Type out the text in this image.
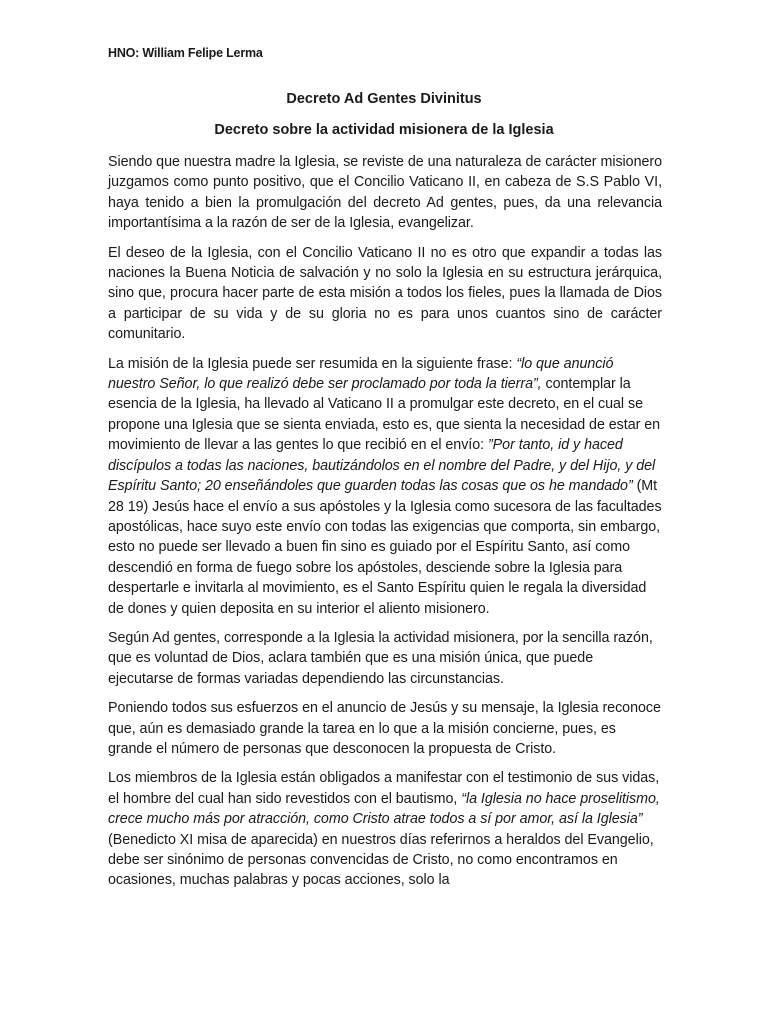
HNO: William Felipe Lerma
Decreto Ad Gentes Divinitus
Decreto sobre la actividad misionera de la Iglesia

Siendo que nuestra madre la Iglesia, se reviste de una naturaleza de carácter misionero juzgamos como punto positivo, que el Concilio Vaticano II, en cabeza de S.S Pablo VI, haya tenido a bien la promulgación del decreto Ad gentes, pues, da una relevancia importantísima a la razón de ser de la Iglesia, evangelizar.

El deseo de la Iglesia, con el Concilio Vaticano II no es otro que expandir a todas las naciones la Buena Noticia de salvación y no solo la Iglesia en su estructura jerárquica, sino que, procura hacer parte de esta misión a todos los fieles, pues la llamada de Dios a participar de su vida y de su gloria no es para unos cuantos sino de carácter comunitario.

La misión de la Iglesia puede ser resumida en la siguiente frase: “lo que anunció nuestro Señor, lo que realizó debe ser proclamado por toda la tierra”, contemplar la esencia de la Iglesia, ha llevado al Vaticano II a promulgar este decreto, en el cual se propone una Iglesia que se sienta enviada, esto es, que sienta la necesidad de estar en movimiento de llevar a las gentes lo que recibió en el envío: ”Por tanto, id y haced discípulos a todas las naciones, bautizándolos en el nombre del Padre, y del Hijo, y del Espíritu Santo; 20 enseñándoles que guarden todas las cosas que os he mandado” (Mt 28 19) Jesús hace el envío a sus apóstoles y la Iglesia como sucesora de las facultades apostólicas, hace suyo este envío con todas las exigencias que comporta, sin embargo, esto no puede ser llevado a buen fin sino es guiado por el Espíritu Santo, así como descendió en forma de fuego sobre los apóstoles, desciende sobre la Iglesia para despertarle e invitarla al movimiento, es el Santo Espíritu quien le regala la diversidad de dones y quien deposita en su interior el aliento misionero.

Según Ad gentes, corresponde a la Iglesia la actividad misionera, por la sencilla razón, que es voluntad de Dios, aclara también que es una misión única, que puede ejecutarse de formas variadas dependiendo las circunstancias.

Poniendo todos sus esfuerzos en el anuncio de Jesús y su mensaje, la Iglesia reconoce que, aún es demasiado grande la tarea en lo que a la misión concierne, pues, es grande el número de personas que desconocen la propuesta de Cristo.

Los miembros de la Iglesia están obligados a manifestar con el testimonio de sus vidas, el hombre del cual han sido revestidos con el bautismo, “la Iglesia no hace proselitismo, crece mucho más por atracción, como Cristo atrae todos a sí por amor, así la Iglesia” (Benedicto XI misa de aparecida) en nuestros días referirnos a heraldos del Evangelio, debe ser sinónimo de personas convencidas de Cristo, no como encontramos en ocasiones, muchas palabras y pocas acciones, solo la
